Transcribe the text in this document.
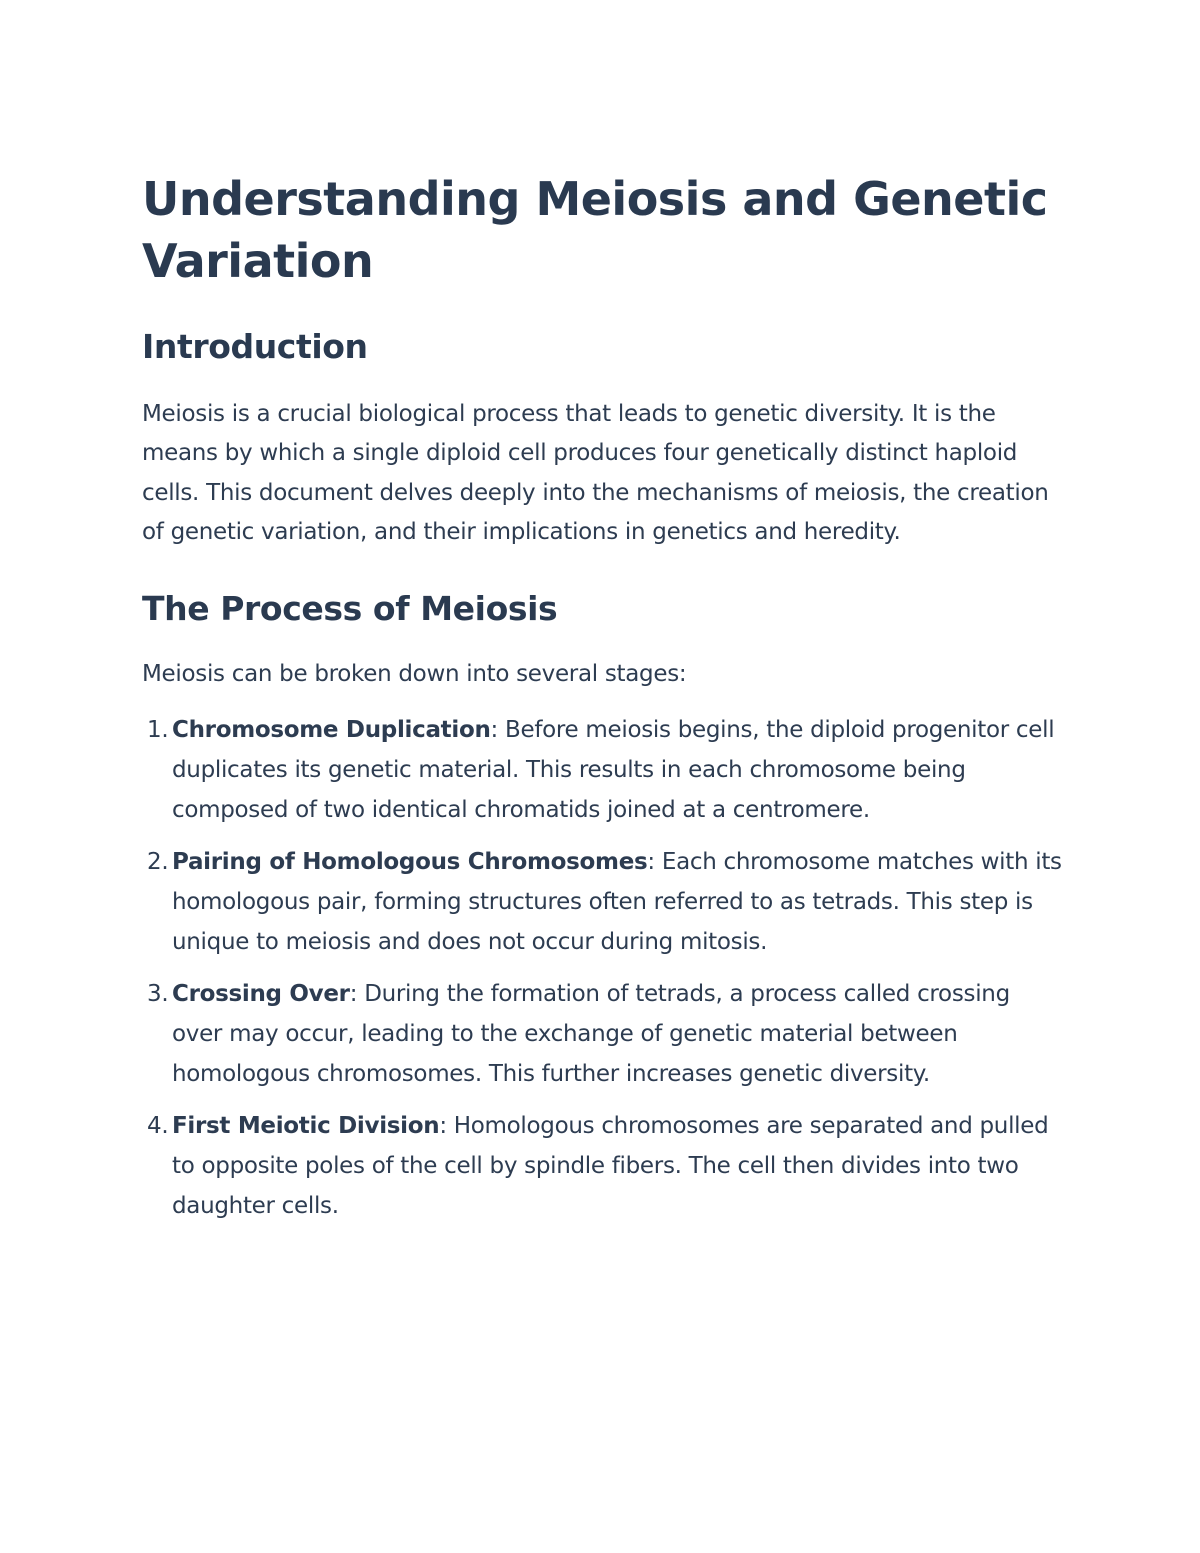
Understanding Meiosis and Genetic Variation
Introduction

Meiosis is a crucial biological process that leads to genetic diversity. It is the means by which a single diploid cell produces four genetically distinct haploid cells. This document delves deeply into the mechanisms of meiosis, the creation of genetic variation, and their implications in genetics and heredity.

The Process of Meiosis

Meiosis can be broken down into several stages:

1. Chromosome Duplication: Before meiosis begins, the diploid progenitor cell duplicates its genetic material. This results in each chromosome being composed of two identical chromatids joined at a centromere.
2. Pairing of Homologous Chromosomes: Each chromosome matches with its homologous pair, forming structures often referred to as tetrads. This step is unique to meiosis and does not occur during mitosis.
3. Crossing Over: During the formation of tetrads, a process called crossing over may occur, leading to the exchange of genetic material between homologous chromosomes. This further increases genetic diversity.
4. First Meiotic Division: Homologous chromosomes are separated and pulled to opposite poles of the cell by spindle fibers. The cell then divides into two daughter cells.
